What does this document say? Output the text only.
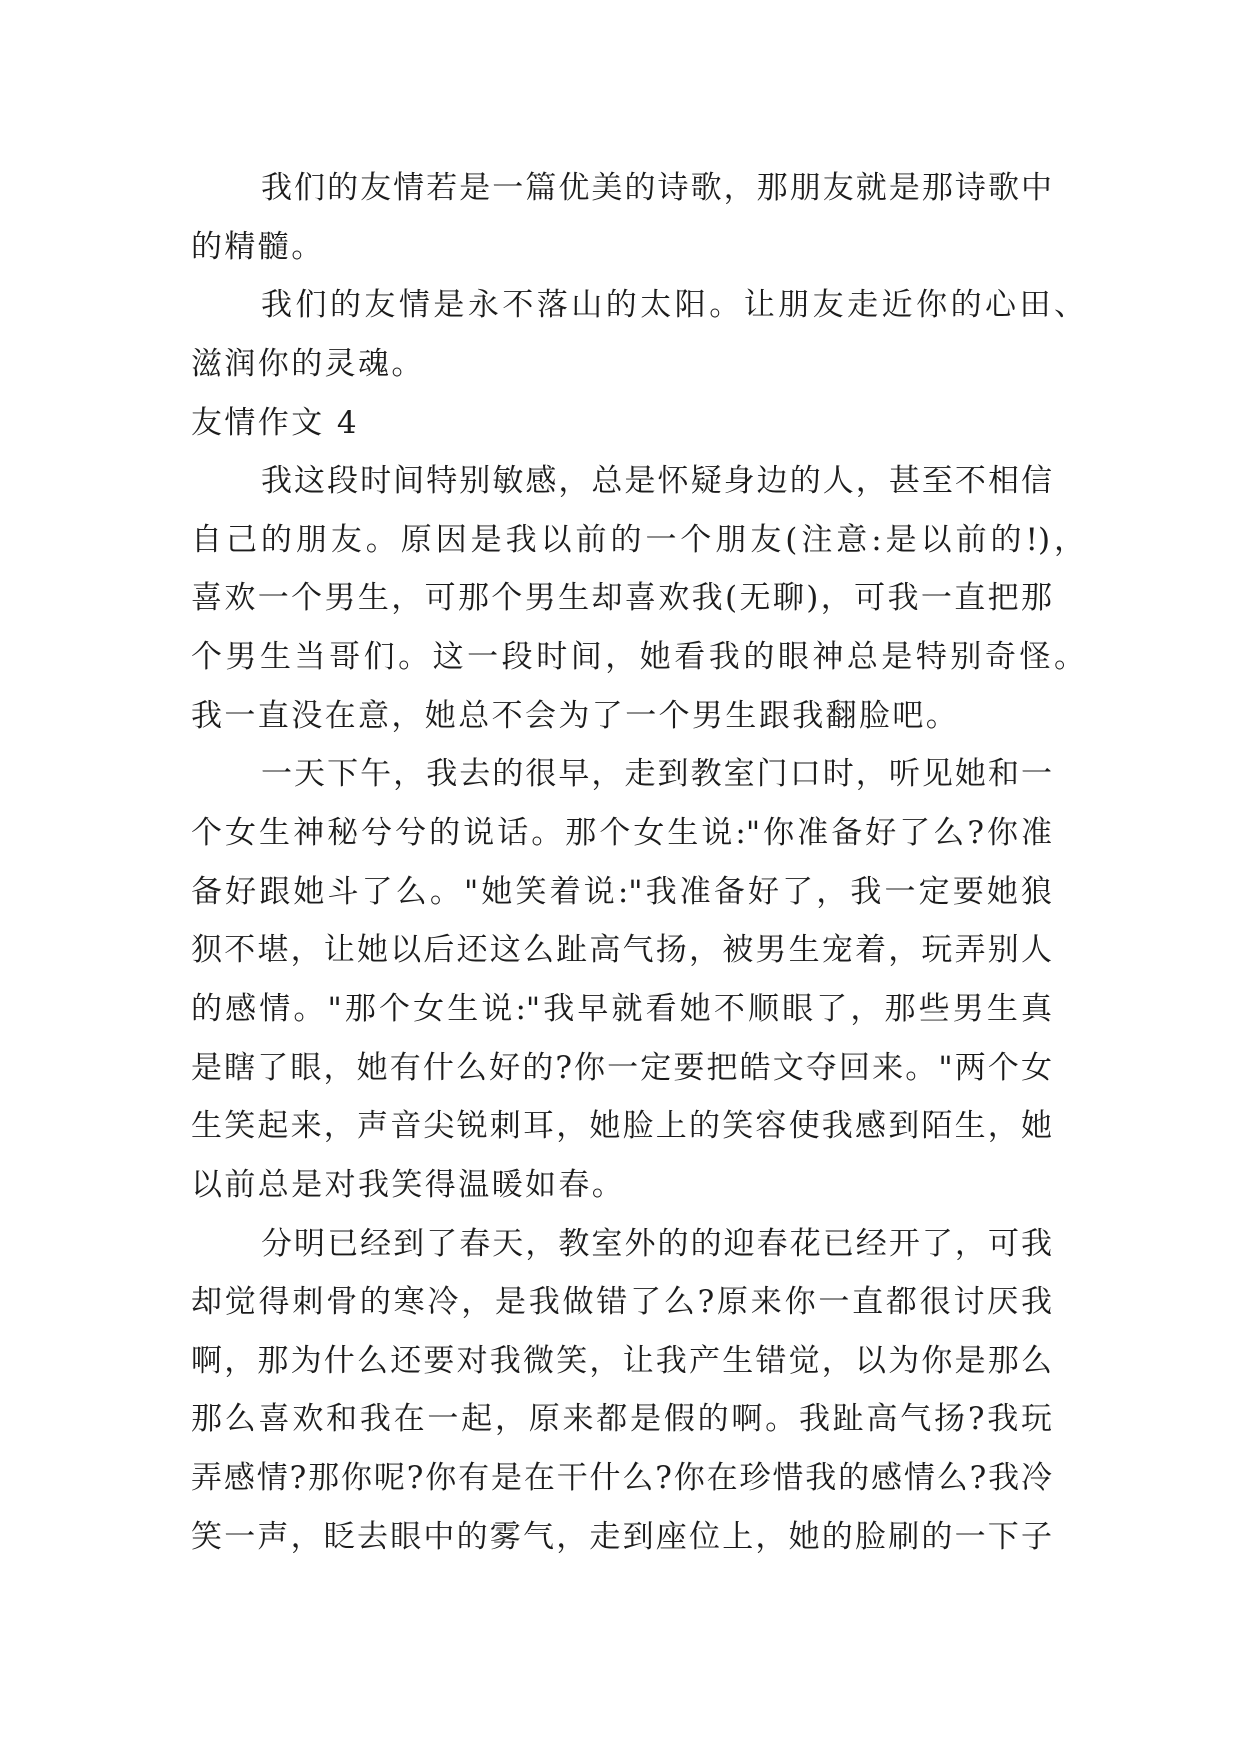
我们的友情若是一篇优美的诗歌，那朋友就是那诗歌中
的精髓。
我们的友情是永不落山的太阳。让朋友走近你的心田、
滋润你的灵魂。
友情作文 4
我这段时间特别敏感，总是怀疑身边的人，甚至不相信
自己的朋友。原因是我以前的一个朋友(注意:是以前的!)，
喜欢一个男生，可那个男生却喜欢我(无聊)，可我一直把那
个男生当哥们。这一段时间，她看我的眼神总是特别奇怪。
我一直没在意，她总不会为了一个男生跟我翻脸吧。
一天下午，我去的很早，走到教室门口时，听见她和一
个女生神秘兮兮的说话。那个女生说:"你准备好了么?你准
备好跟她斗了么。"她笑着说:"我准备好了，我一定要她狼
狈不堪，让她以后还这么趾高气扬，被男生宠着，玩弄别人
的感情。"那个女生说:"我早就看她不顺眼了，那些男生真
是瞎了眼，她有什么好的?你一定要把皓文夺回来。"两个女
生笑起来，声音尖锐刺耳，她脸上的笑容使我感到陌生，她
以前总是对我笑得温暖如春。
分明已经到了春天，教室外的的迎春花已经开了，可我
却觉得刺骨的寒冷，是我做错了么?原来你一直都很讨厌我
啊，那为什么还要对我微笑，让我产生错觉，以为你是那么
那么喜欢和我在一起，原来都是假的啊。我趾高气扬?我玩
弄感情?那你呢?你有是在干什么?你在珍惜我的感情么?我冷
笑一声，眨去眼中的雾气，走到座位上，她的脸刷的一下子
